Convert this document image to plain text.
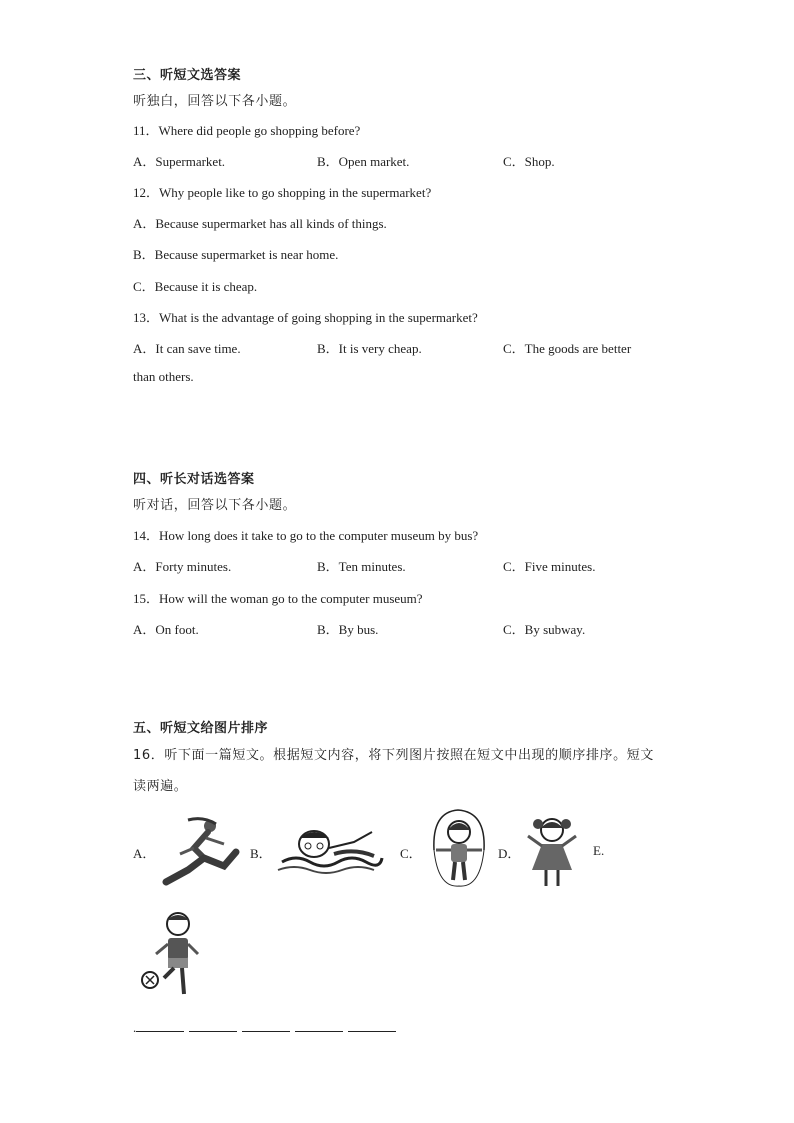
三、听短文选答案
听独白，回答以下各小题。
11．Where did people go shopping before?
A．Supermarket.	B．Open market.	C．Shop.
12．Why people like to go shopping in the supermarket?
A．Because supermarket has all kinds of things.
B．Because supermarket is near home.
C．Because it is cheap.
13．What is the advantage of going shopping in the supermarket?
A．It can save time.	B．It is very cheap.	C．The goods are better
than others.
四、听长对话选答案
听对话，回答以下各小题。
14．How long does it take to go to the computer museum by bus?
A．Forty minutes.	B．Ten minutes.	C．Five minutes.
15．How will the woman go to the computer museum?
A．On foot.	B．By bus.	C．By subway.
五、听短文给图片排序
16．听下面一篇短文。根据短文内容，将下列图片按照在短文中出现的顺序排序。短文
读两遍。
A．	B．	C．	D．	E.
.
